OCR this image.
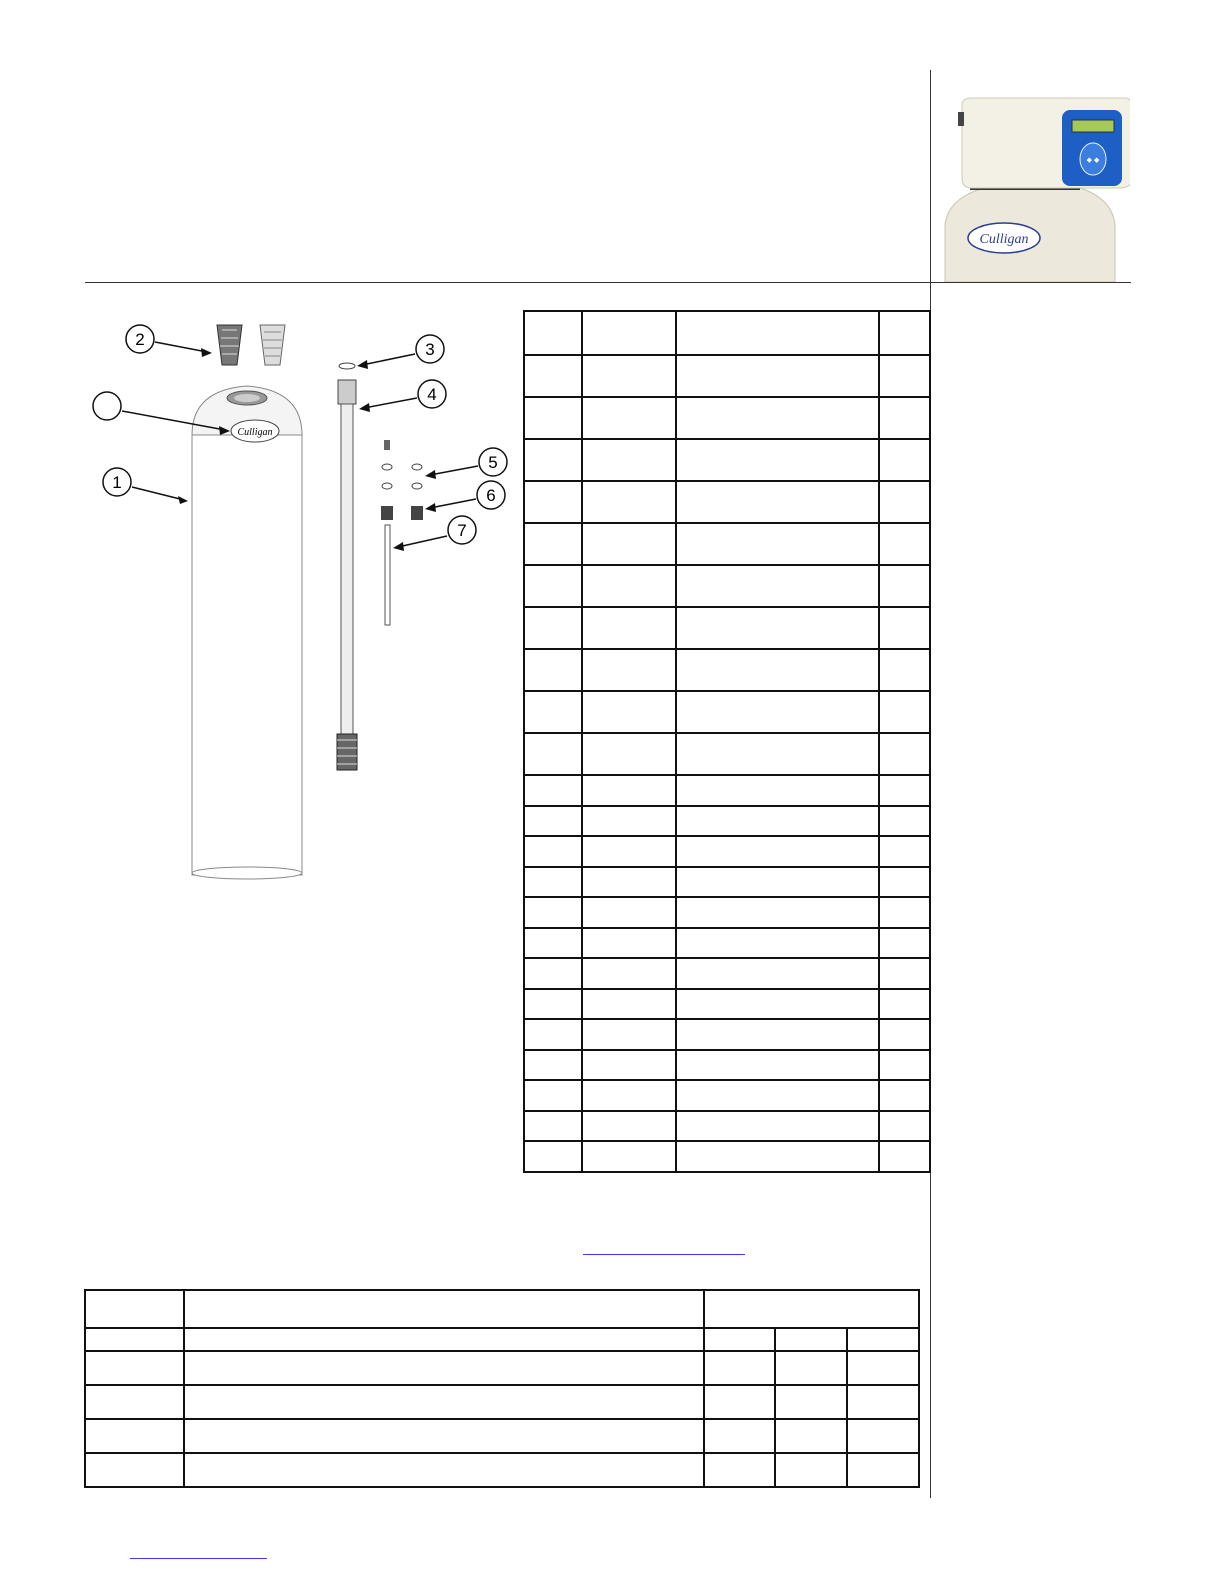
◆ ◆
Culligan
Culligan
1
2
3
4
5
6
7
